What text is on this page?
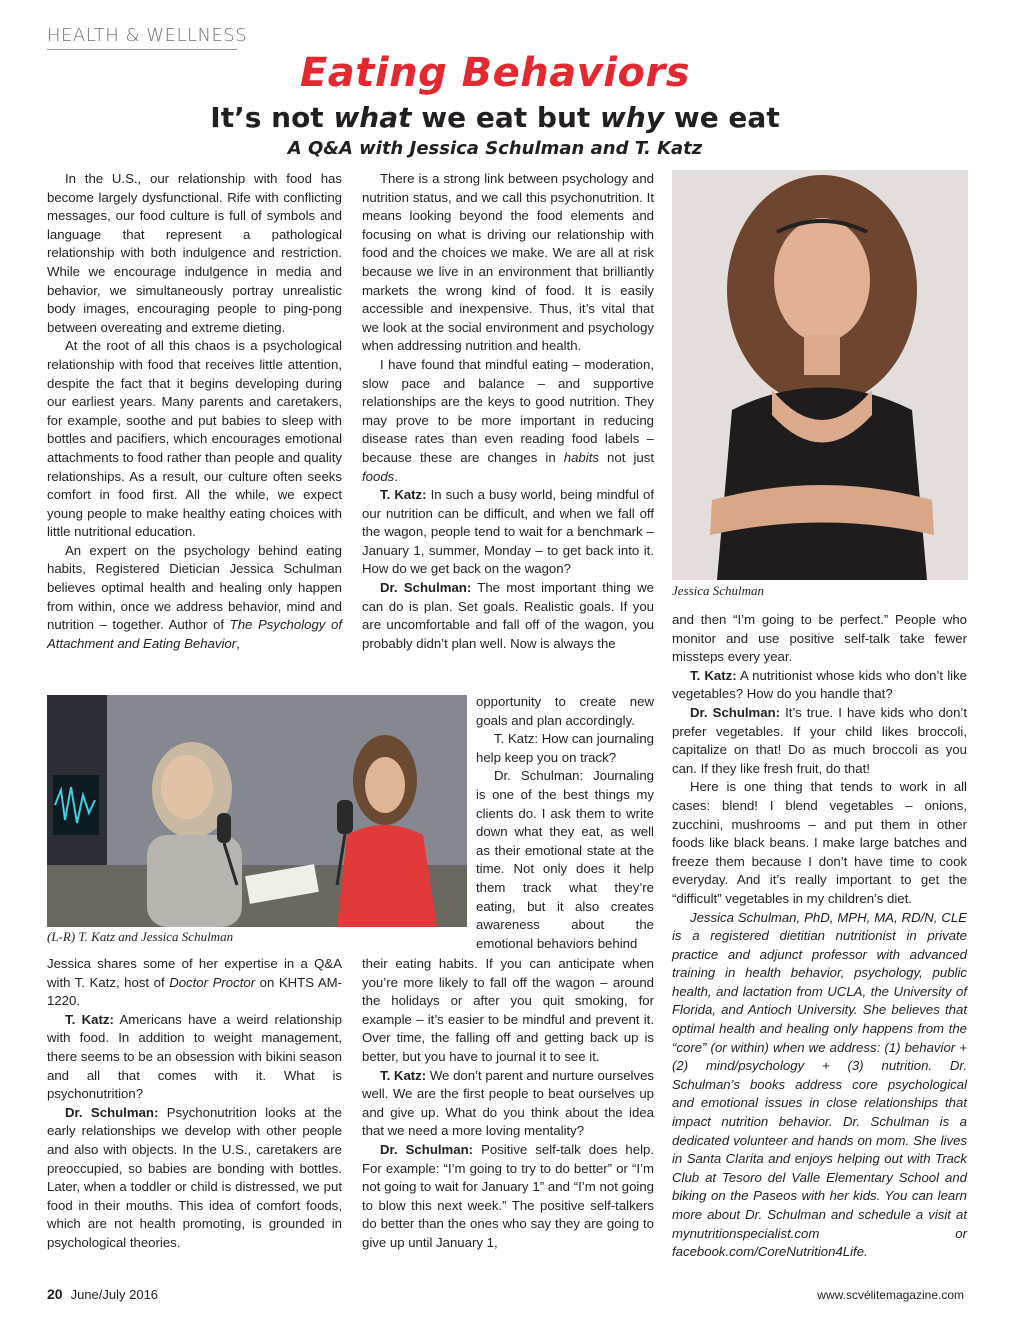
HEALTH & WELLNESS
Eating Behaviors
It’s not what we eat but why we eat
A Q&A with Jessica Schulman and T. Katz

In the U.S., our relationship with food has become largely dysfunctional. Rife with conflicting messages, our food culture is full of symbols and language that represent a pathological relationship with both indulgence and restriction. While we encourage indulgence in media and behavior, we simultaneously portray unrealistic body images, encouraging people to ping-pong between overeating and extreme dieting.

At the root of all this chaos is a psychological relationship with food that receives little attention, despite the fact that it begins developing during our earliest years. Many parents and caretakers, for example, soothe and put babies to sleep with bottles and pacifiers, which encourages emotional attachments to food rather than people and quality relationships. As a result, our culture often seeks comfort in food first. All the while, we expect young people to make healthy eating choices with little nutritional education.

An expert on the psychology behind eating habits, Registered Dietician Jessica Schulman believes optimal health and healing only happen from within, once we address behavior, mind and nutrition – together. Author of The Psychology of Attachment and Eating Behavior,

(L-R) T. Katz and Jessica Schulman

Jessica shares some of her expertise in a Q&A with T. Katz, host of Doctor Proctor on KHTS AM-1220.

T. Katz: Americans have a weird relationship with food. In addition to weight management, there seems to be an obsession with bikini season and all that comes with it. What is psychonutrition?

Dr. Schulman: Psychonutrition looks at the early relationships we develop with other people and also with objects. In the U.S., caretakers are preoccupied, so babies are bonding with bottles. Later, when a toddler or child is distressed, we put food in their mouths. This idea of comfort foods, which are not health promoting, is grounded in psychological theories.

There is a strong link between psychology and nutrition status, and we call this psychonutrition. It means looking beyond the food elements and focusing on what is driving our relationship with food and the choices we make. We are all at risk because we live in an environment that brilliantly markets the wrong kind of food. It is easily accessible and inexpensive. Thus, it’s vital that we look at the social environment and psychology when addressing nutrition and health.

I have found that mindful eating – moderation, slow pace and balance – and supportive relationships are the keys to good nutrition. They may prove to be more important in reducing disease rates than even reading food labels – because these are changes in habits not just foods.

T. Katz: In such a busy world, being mindful of our nutrition can be difficult, and when we fall off the wagon, people tend to wait for a benchmark – January 1, summer, Monday – to get back into it. How do we get back on the wagon?

Dr. Schulman: The most important thing we can do is plan. Set goals. Realistic goals. If you are uncomfortable and fall off of the wagon, you probably didn’t plan well. Now is always the

opportunity to create new goals and plan accordingly.

T. Katz: How can journaling help keep you on track?

Dr. Schulman: Journaling is one of the best things my clients do. I ask them to write down what they eat, as well as their emotional state at the time. Not only does it help them track what they’re eating, but it also creates awareness about the emotional behaviors behind

their eating habits. If you can anticipate when you’re more likely to fall off the wagon – around the holidays or after you quit smoking, for example – it’s easier to be mindful and prevent it. Over time, the falling off and getting back up is better, but you have to journal it to see it.

T. Katz: We don’t parent and nurture ourselves well. We are the first people to beat ourselves up and give up. What do you think about the idea that we need a more loving mentality?

Dr. Schulman: Positive self-talk does help. For example: “I’m going to try to do better” or “I’m not going to wait for January 1” and “I’m not going to blow this next week.” The positive self-talkers do better than the ones who say they are going to give up until January 1,

Jessica Schulman

and then “I’m going to be perfect.” People who monitor and use positive self-talk take fewer missteps every year.

T. Katz: A nutritionist whose kids who don’t like vegetables? How do you handle that?

Dr. Schulman: It’s true. I have kids who don’t prefer vegetables. If your child likes broccoli, capitalize on that! Do as much broccoli as you can. If they like fresh fruit, do that!

Here is one thing that tends to work in all cases: blend! I blend vegetables – onions, zucchini, mushrooms – and put them in other foods like black beans. I make large batches and freeze them because I don’t have time to cook everyday. And it’s really important to get the “difficult” vegetables in my children’s diet.

Jessica Schulman, PhD, MPH, MA, RD/N, CLE is a registered dietitian nutritionist in private practice and adjunct professor with advanced training in health behavior, psychology, public health, and lactation from UCLA, the University of Florida, and Antioch University. She believes that optimal health and healing only happens from the “core” (or within) when we address: (1) behavior + (2) mind/psychology + (3) nutrition. Dr. Schulman’s books address core psychological and emotional issues in close relationships that impact nutrition behavior. Dr. Schulman is a dedicated volunteer and hands on mom. She lives in Santa Clarita and enjoys helping out with Track Club at Tesoro del Valle Elementary School and biking on the Paseos with her kids. You can learn more about Dr. Schulman and schedule a visit at mynutritionspecialist.com or facebook.com/CoreNutrition4Life.

20 June/July 2016	www.scvélitemagazine.com
